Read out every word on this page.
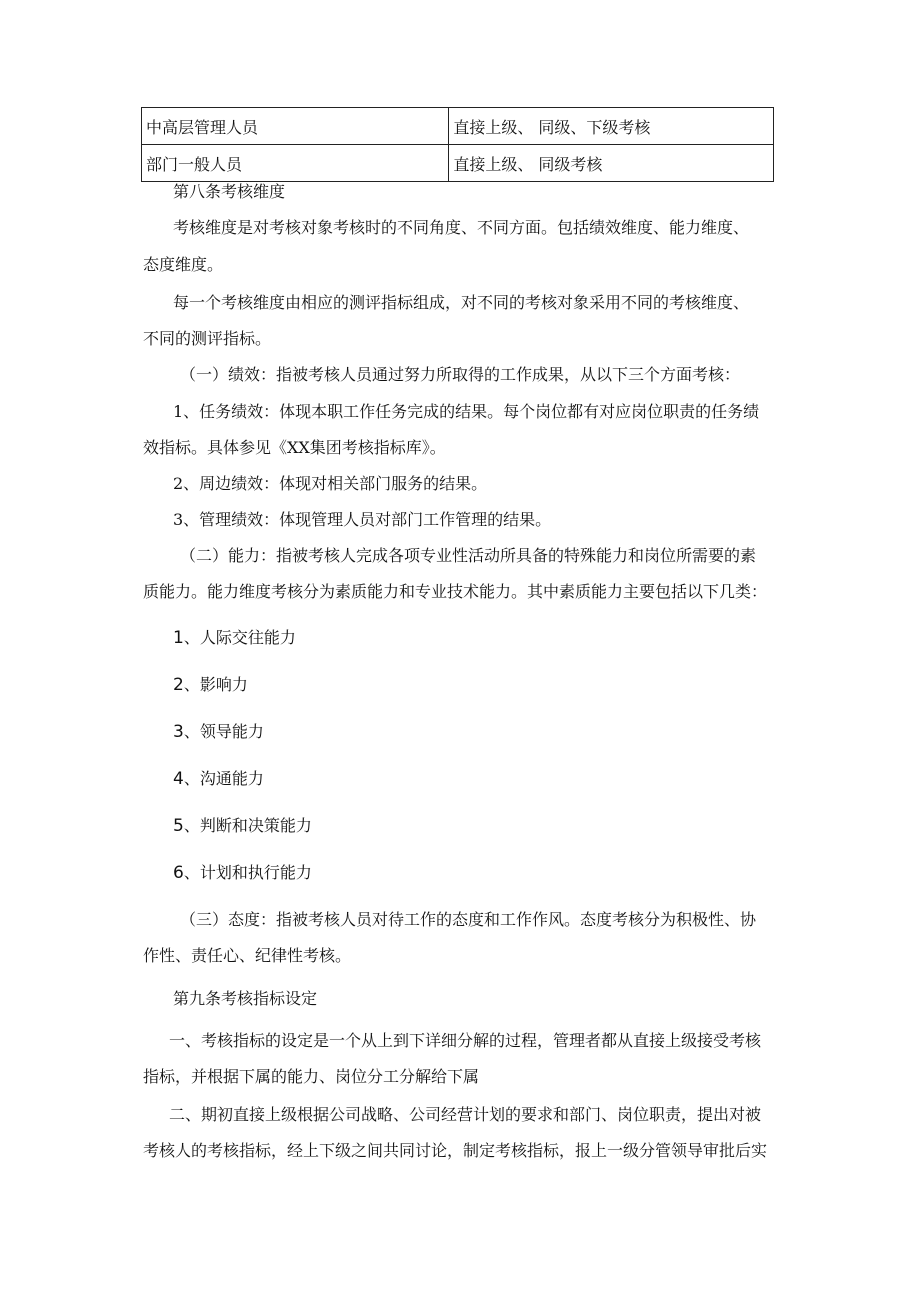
中高层管理人员	直接上级、 同级、下级考核
部门一般人员	直接上级、 同级考核
第八条考核维度
考核维度是对考核对象考核时的不同角度、不同方面。包括绩效维度、能力维度、
态度维度。
每一个考核维度由相应的测评指标组成，对不同的考核对象采用不同的考核维度、
不同的测评指标。
（一）绩效：指被考核人员通过努力所取得的工作成果，从以下三个方面考核：
1、任务绩效：体现本职工作任务完成的结果。每个岗位都有对应岗位职责的任务绩
效指标。具体参见《XX集团考核指标库》。
2、周边绩效：体现对相关部门服务的结果。
3、管理绩效：体现管理人员对部门工作管理的结果。
（二）能力：指被考核人完成各项专业性活动所具备的特殊能力和岗位所需要的素
质能力。能力维度考核分为素质能力和专业技术能力。其中素质能力主要包括以下几类：
1、人际交往能力
2、影响力
3、领导能力
4、沟通能力
5、判断和决策能力
6、计划和执行能力
（三）态度：指被考核人员对待工作的态度和工作作风。态度考核分为积极性、协
作性、责任心、纪律性考核。
第九条考核指标设定
一、考核指标的设定是一个从上到下详细分解的过程，管理者都从直接上级接受考核
指标，并根据下属的能力、岗位分工分解给下属
二、期初直接上级根据公司战略、公司经营计划的要求和部门、岗位职责，提出对被
考核人的考核指标，经上下级之间共同讨论，制定考核指标，报上一级分管领导审批后实
